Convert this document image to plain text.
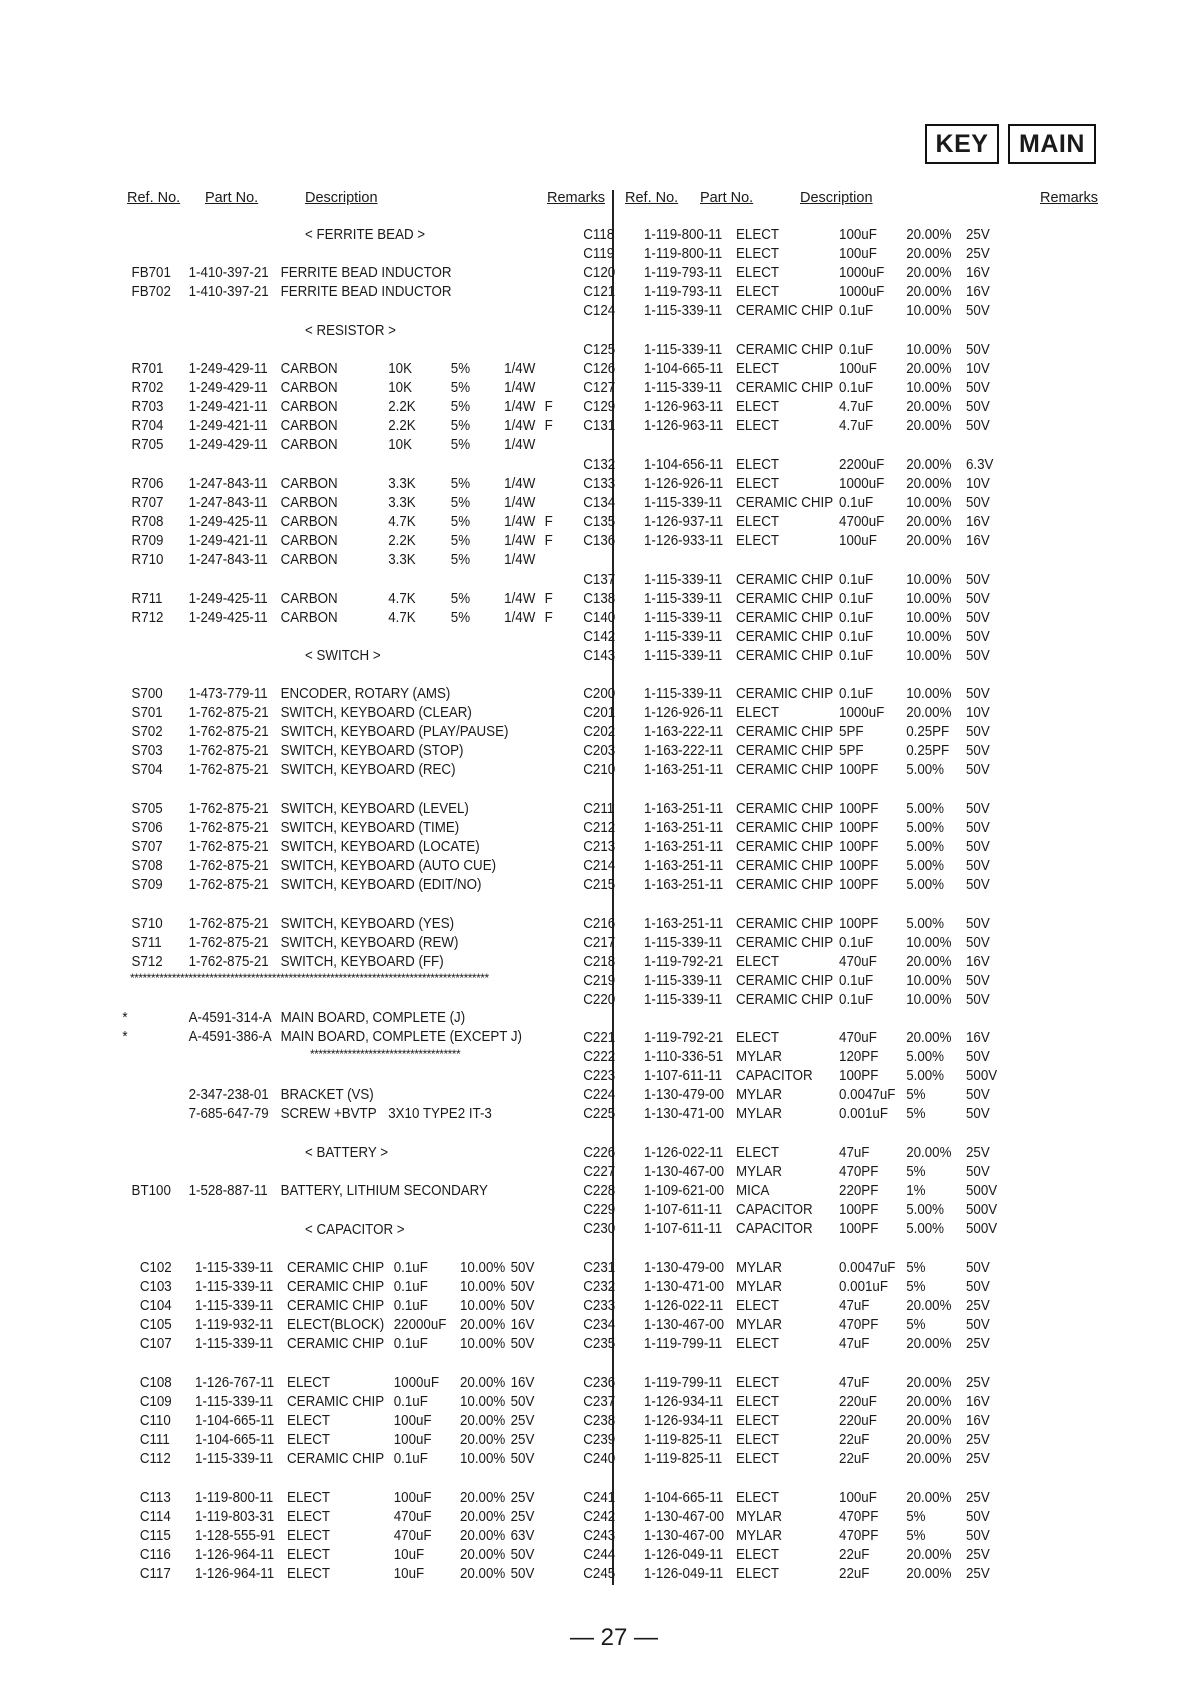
KEY	MAIN
Ref. No. Part No.	Description	Remarks Ref. No. Part No.	Description	Remarks
< FERRITE BEAD >
FB701 1-410-397-21 FERRITE BEAD INDUCTOR
FB702 1-410-397-21 FERRITE BEAD INDUCTOR
< RESISTOR >
R701 1-249-429-11 CARBON	10K	5% 1/4W
R702 1-249-429-11 CARBON	10K	5% 1/4W
R703 1-249-421-11 CARBON	2.2K 5% 1/4W F
R704 1-249-421-11 CARBON	2.2K 5% 1/4W F
R705 1-249-429-11 CARBON	10K	5% 1/4W
R706 1-247-843-11 CARBON	3.3K 5% 1/4W
R707 1-247-843-11 CARBON	3.3K 5% 1/4W
R708 1-249-425-11 CARBON	4.7K 5% 1/4W F
R709 1-249-421-11 CARBON	2.2K 5% 1/4W F
R710 1-247-843-11 CARBON	3.3K 5% 1/4W
R711 1-249-425-11 CARBON	4.7K 5% 1/4W F
R712 1-249-425-11 CARBON	4.7K 5% 1/4W F
< SWITCH >
S700 1-473-779-11 ENCODER, ROTARY (AMS)
S701 1-762-875-21 SWITCH, KEYBOARD (CLEAR)
S702 1-762-875-21 SWITCH, KEYBOARD (PLAY/PAUSE)
S703 1-762-875-21 SWITCH, KEYBOARD (STOP)
S704 1-762-875-21 SWITCH, KEYBOARD (REC)
S705 1-762-875-21 SWITCH, KEYBOARD (LEVEL)
S706 1-762-875-21 SWITCH, KEYBOARD (TIME)
S707 1-762-875-21 SWITCH, KEYBOARD (LOCATE)
S708 1-762-875-21 SWITCH, KEYBOARD (AUTO CUE)
S709 1-762-875-21 SWITCH, KEYBOARD (EDIT/NO)
S710 1-762-875-21 SWITCH, KEYBOARD (YES)
S711 1-762-875-21 SWITCH, KEYBOARD (REW)
S712 1-762-875-21 SWITCH, KEYBOARD (FF)
**************************************************************************************
*	A-4591-314-A MAIN BOARD, COMPLETE (J)
*	A-4591-386-A MAIN BOARD, COMPLETE (EXCEPT J)
************************************
2-347-238-01 BRACKET (VS)
7-685-647-79 SCREW +BVTP 3X10 TYPE2 IT-3
< BATTERY >
BT100 1-528-887-11 BATTERY, LITHIUM SECONDARY
< CAPACITOR >
C102 1-115-339-11 CERAMIC CHIP 0.1uF 10.00% 50V
C103 1-115-339-11 CERAMIC CHIP 0.1uF 10.00% 50V
C104 1-115-339-11 CERAMIC CHIP 0.1uF 10.00% 50V
C105 1-119-932-11 ELECT(BLOCK) 22000uF 20.00% 16V
C107 1-115-339-11 CERAMIC CHIP 0.1uF 10.00% 50V
C108 1-126-767-11 ELECT	1000uF 20.00% 16V
C109 1-115-339-11 CERAMIC CHIP 0.1uF 10.00% 50V
C110 1-104-665-11 ELECT	100uF 20.00% 25V
C111 1-104-665-11 ELECT	100uF 20.00% 25V
C112 1-115-339-11 CERAMIC CHIP 0.1uF 10.00% 50V
C113 1-119-800-11 ELECT	100uF 20.00% 25V
C114 1-119-803-31 ELECT	470uF 20.00% 25V
C115 1-128-555-91 ELECT	470uF 20.00% 63V
C116 1-126-964-11 ELECT	10uF 20.00% 50V
C117 1-126-964-11 ELECT	10uF 20.00% 50V
C118 1-119-800-11 ELECT	100uF 20.00% 25V
C119 1-119-800-11 ELECT	100uF 20.00% 25V
C120 1-119-793-11 ELECT	1000uF 20.00% 16V
C121 1-119-793-11 ELECT	1000uF 20.00% 16V
C124 1-115-339-11 CERAMIC CHIP 0.1uF 10.00% 50V
C125 1-115-339-11 CERAMIC CHIP 0.1uF 10.00% 50V
C126 1-104-665-11 ELECT	100uF 20.00% 10V
C127 1-115-339-11 CERAMIC CHIP 0.1uF 10.00% 50V
C129 1-126-963-11 ELECT	4.7uF 20.00% 50V
C131 1-126-963-11 ELECT	4.7uF 20.00% 50V
C132 1-104-656-11 ELECT	2200uF 20.00% 6.3V
C133 1-126-926-11 ELECT	1000uF 20.00% 10V
C134 1-115-339-11 CERAMIC CHIP 0.1uF 10.00% 50V
C135 1-126-937-11 ELECT	4700uF 20.00% 16V
C136 1-126-933-11 ELECT	100uF 20.00% 16V
C137 1-115-339-11 CERAMIC CHIP 0.1uF 10.00% 50V
C138 1-115-339-11 CERAMIC CHIP 0.1uF 10.00% 50V
C140 1-115-339-11 CERAMIC CHIP 0.1uF 10.00% 50V
C142 1-115-339-11 CERAMIC CHIP 0.1uF 10.00% 50V
C143 1-115-339-11 CERAMIC CHIP 0.1uF 10.00% 50V
C200 1-115-339-11 CERAMIC CHIP 0.1uF 10.00% 50V
C201 1-126-926-11 ELECT	1000uF 20.00% 10V
C202 1-163-222-11 CERAMIC CHIP 5PF	0.25PF 50V
C203 1-163-222-11 CERAMIC CHIP 5PF	0.25PF 50V
C210 1-163-251-11 CERAMIC CHIP 100PF 5.00% 50V
C211 1-163-251-11 CERAMIC CHIP 100PF 5.00% 50V
C212 1-163-251-11 CERAMIC CHIP 100PF 5.00% 50V
C213 1-163-251-11 CERAMIC CHIP 100PF 5.00% 50V
C214 1-163-251-11 CERAMIC CHIP 100PF 5.00% 50V
C215 1-163-251-11 CERAMIC CHIP 100PF 5.00% 50V
C216 1-163-251-11 CERAMIC CHIP 100PF 5.00% 50V
C217 1-115-339-11 CERAMIC CHIP 0.1uF 10.00% 50V
C218 1-119-792-21 ELECT	470uF 20.00% 16V
C219 1-115-339-11 CERAMIC CHIP 0.1uF 10.00% 50V
C220 1-115-339-11 CERAMIC CHIP 0.1uF 10.00% 50V
C221 1-119-792-21 ELECT	470uF 20.00% 16V
C222 1-110-336-51 MYLAR	120PF 5.00% 50V
C223 1-107-611-11 CAPACITOR 100PF 5.00% 500V
C224 1-130-479-00 MYLAR	0.0047uF 5%	50V
C225 1-130-471-00 MYLAR	0.001uF 5%	50V
C226 1-126-022-11 ELECT	47uF	20.00% 25V
C227 1-130-467-00 MYLAR	470PF 5%	50V
C228 1-109-621-00 MICA	220PF 1%	500V
C229 1-107-611-11 CAPACITOR 100PF 5.00% 500V
C230 1-107-611-11 CAPACITOR 100PF 5.00% 500V
C231 1-130-479-00 MYLAR	0.0047uF 5%	50V
C232 1-130-471-00 MYLAR	0.001uF 5%	50V
C233 1-126-022-11 ELECT	47uF	20.00% 25V
C234 1-130-467-00 MYLAR	470PF 5%	50V
C235 1-119-799-11 ELECT	47uF	20.00% 25V
C236 1-119-799-11 ELECT	47uF	20.00% 25V
C237 1-126-934-11 ELECT	220uF 20.00% 16V
C238 1-126-934-11 ELECT	220uF 20.00% 16V
C239 1-119-825-11 ELECT	22uF	20.00% 25V
C240 1-119-825-11 ELECT	22uF	20.00% 25V
C241 1-104-665-11 ELECT	100uF 20.00% 25V
C242 1-130-467-00 MYLAR	470PF 5%	50V
C243 1-130-467-00 MYLAR	470PF 5%	50V
C244 1-126-049-11 ELECT	22uF	20.00% 25V
C245 1-126-049-11 ELECT	22uF	20.00% 25V
— 27 —
